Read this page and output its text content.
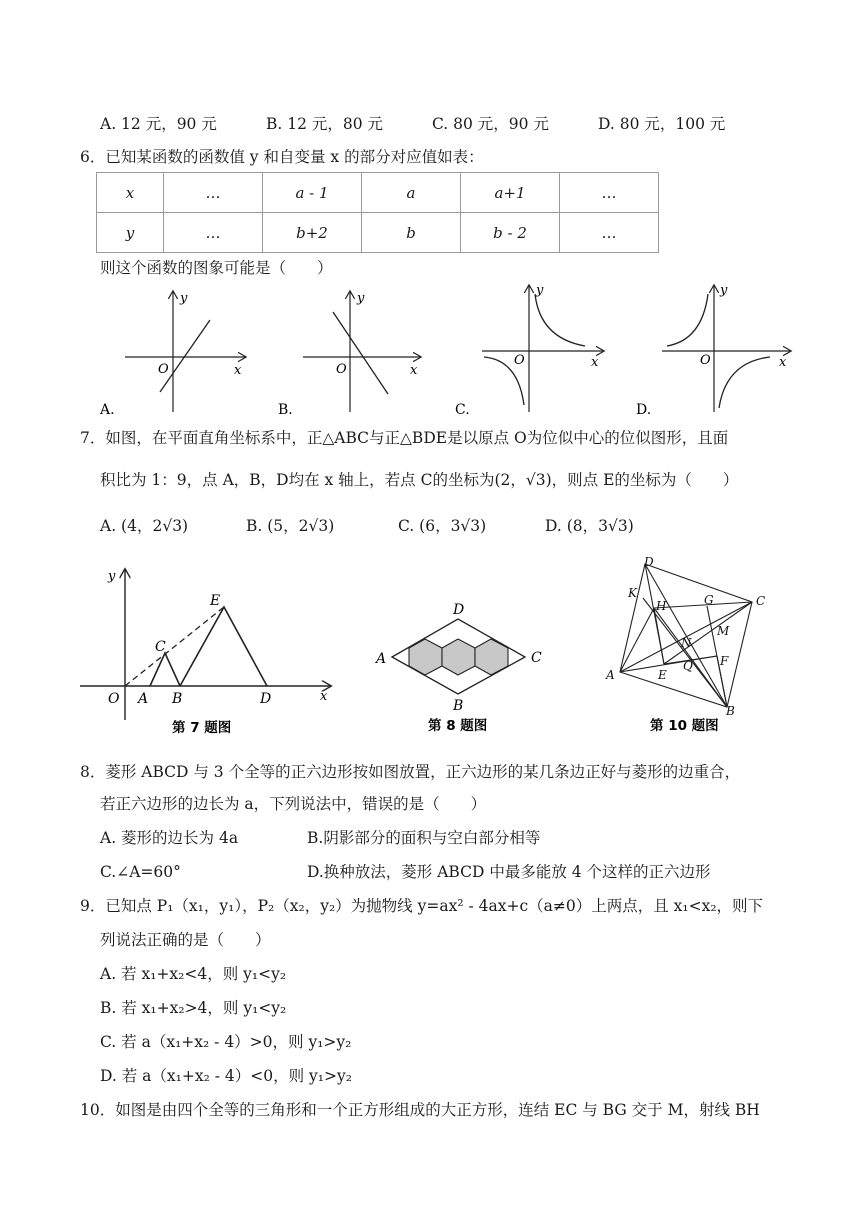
A. 12 元，90 元	B. 12 元，80 元	C. 80 元，90 元	D. 80 元，100 元
6．已知某函数的函数值 y 和自变量 x 的部分对应值如表：
x	…	a - 1	a	a+1	…
y	…	b+2	b	b - 2	…
则这个函数的图象可能是（　　）
y
x
O
A.
y
x
O
B.
y
x
O
C.
y
x
O
D.
7．如图，在平面直角坐标系中，正△ABC与正△BDE是以原点 O为位似中心的位似图形，且面
积比为 1：9，点 A，B，D均在 x 轴上，若点 C的坐标为(2，√3)，则点 E的坐标为（　　）
A. (4，2√3)	B. (5，2√3)	C. (6，3√3)	D. (8，3√3)
y
x
O A B
C
D
E
第 7 题图
D
A	C
B
第 8 题图
D
K
H	G	C
N
M
A	E
Q F
B
第 10 题图
8．菱形 ABCD 与 3 个全等的正六边形按如图放置，正六边形的某几条边正好与菱形的边重合，
若正六边形的边长为 a，下列说法中，错误的是（　　）
A. 菱形的边长为 4a	B.阴影部分的面积与空白部分相等
C.∠A=60°	D.换种放法，菱形 ABCD 中最多能放 4 个这样的正六边形
9．已知点 P₁（x₁，y₁），P₂（x₂，y₂）为抛物线 y=ax² - 4ax+c（a≠0）上两点，且 x₁<x₂，则下
列说法正确的是（　　）
A. 若 x₁+x₂<4，则 y₁<y₂
B. 若 x₁+x₂>4，则 y₁<y₂
C. 若 a（x₁+x₂ - 4）>0，则 y₁>y₂
D. 若 a（x₁+x₂ - 4）<0，则 y₁>y₂
10．如图是由四个全等的三角形和一个正方形组成的大正方形，连结 EC 与 BG 交于 M，射线 BH
